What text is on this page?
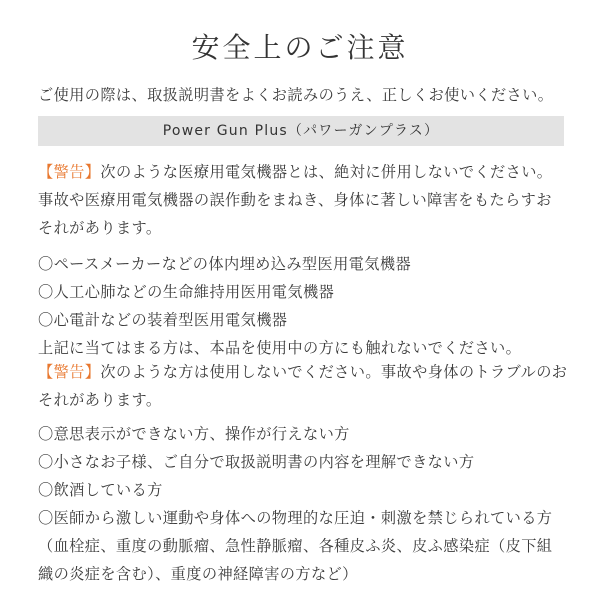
安全上のご注意

ご使用の際は、取扱説明書をよくお読みのうえ、正しくお使いください。

Power Gun Plus（パワーガンプラス）
【警告】次のような医療用電気機器とは、絶対に併用しないでください。
事故や医療用電気機器の誤作動をまねき、身体に著しい障害をもたらすお
それがあります。
〇ペースメーカーなどの体内埋め込み型医用電気機器
〇人工心肺などの生命維持用医用電気機器
〇心電計などの装着型医用電気機器
上記に当てはまる方は、本品を使用中の方にも触れないでください。
【警告】次のような方は使用しないでください。事故や身体のトラブルのお
それがあります。
〇意思表示ができない方、操作が行えない方
〇小さなお子様、ご自分で取扱説明書の内容を理解できない方
〇飲酒している方
〇医師から激しい運動や身体への物理的な圧迫・刺激を禁じられている方
（血栓症、重度の動脈瘤、急性静脈瘤、各種皮ふ炎、皮ふ感染症（皮下組
織の炎症を含む）、重度の神経障害の方など）
